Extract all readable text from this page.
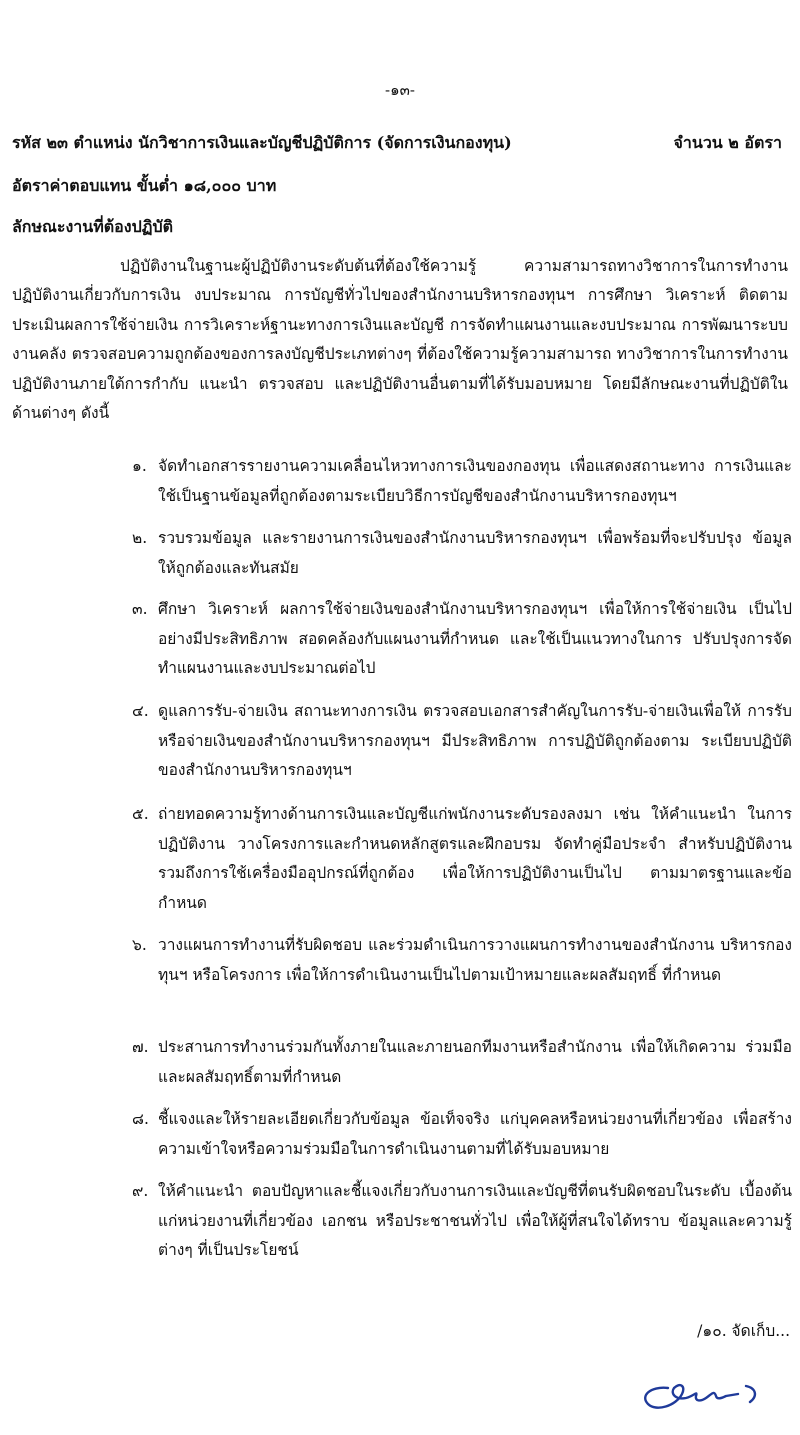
-๑๓-
รหัส ๒๓ ตำแหน่ง นักวิชาการเงินและบัญชีปฏิบัติการ (จัดการเงินกองทุน)	จำนวน ๒ อัตรา
อัตราค่าตอบแทน ขั้นต่ำ ๑๘,๐๐๐ บาท
ลักษณะงานที่ต้องปฏิบัติ
ปฏิบัติงานในฐานะผู้ปฏิบัติงานระดับต้นที่ต้องใช้ความรู้ ความสามารถทางวิชาการในการทำงาน ปฏิบัติงานเกี่ยวกับการเงิน งบประมาณ การบัญชีทั่วไปของสำนักงานบริหารกองทุนฯ การศึกษา วิเคราะห์ ติดตามประเมินผลการใช้จ่ายเงิน การวิเคราะห์ฐานะทางการเงินและบัญชี การจัดทำแผนงานและงบประมาณ การพัฒนาระบบงานคลัง ตรวจสอบความถูกต้องของการลงบัญชีประเภทต่างๆ ที่ต้องใช้ความรู้ความสามารถ ทางวิชาการในการทำงาน ปฏิบัติงานภายใต้การกำกับ แนะนำ ตรวจสอบ และปฏิบัติงานอื่นตามที่ได้รับมอบหมาย โดยมีลักษณะงานที่ปฏิบัติในด้านต่างๆ ดังนี้
๑. จัดทำเอกสารรายงานความเคลื่อนไหวทางการเงินของกองทุน เพื่อแสดงสถานะทาง การเงินและใช้เป็นฐานข้อมูลที่ถูกต้องตามระเบียบวิธีการบัญชีของสำนักงานบริหารกองทุนฯ
๒. รวบรวมข้อมูล และรายงานการเงินของสำนักงานบริหารกองทุนฯ เพื่อพร้อมที่จะปรับปรุง ข้อมูลให้ถูกต้องและทันสมัย
๓. ศึกษา วิเคราะห์ ผลการใช้จ่ายเงินของสำนักงานบริหารกองทุนฯ เพื่อให้การใช้จ่ายเงิน เป็นไปอย่างมีประสิทธิภาพ สอดคล้องกับแผนงานที่กำหนด และใช้เป็นแนวทางในการ ปรับปรุงการจัดทำแผนงานและงบประมาณต่อไป
๔. ดูแลการรับ-จ่ายเงิน สถานะทางการเงิน ตรวจสอบเอกสารสำคัญในการรับ-จ่ายเงินเพื่อให้ การรับหรือจ่ายเงินของสำนักงานบริหารกองทุนฯ มีประสิทธิภาพ การปฏิบัติถูกต้องตาม ระเบียบปฏิบัติของสำนักงานบริหารกองทุนฯ
๕. ถ่ายทอดความรู้ทางด้านการเงินและบัญชีแก่พนักงานระดับรองลงมา เช่น ให้คำแนะนำ ในการปฏิบัติงาน วางโครงการและกำหนดหลักสูตรและฝึกอบรม จัดทำคู่มือประจำ สำหรับปฏิบัติงาน รวมถึงการใช้เครื่องมืออุปกรณ์ที่ถูกต้อง เพื่อให้การปฏิบัติงานเป็นไป ตามมาตรฐานและข้อกำหนด
๖. วางแผนการทำงานที่รับผิดชอบ และร่วมดำเนินการวางแผนการทำงานของสำนักงาน บริหารกองทุนฯ หรือโครงการ เพื่อให้การดำเนินงานเป็นไปตามเป้าหมายและผลสัมฤทธิ์ ที่กำหนด
๗. ประสานการทำงานร่วมกันทั้งภายในและภายนอกทีมงานหรือสำนักงาน เพื่อให้เกิดความ ร่วมมือและผลสัมฤทธิ์ตามที่กำหนด
๘. ชี้แจงและให้รายละเอียดเกี่ยวกับข้อมูล ข้อเท็จจริง แก่บุคคลหรือหน่วยงานที่เกี่ยวข้อง เพื่อสร้างความเข้าใจหรือความร่วมมือในการดำเนินงานตามที่ได้รับมอบหมาย
๙. ให้คำแนะนำ ตอบปัญหาและชี้แจงเกี่ยวกับงานการเงินและบัญชีที่ตนรับผิดชอบในระดับ เบื้องต้นแก่หน่วยงานที่เกี่ยวข้อง เอกชน หรือประชาชนทั่วไป เพื่อให้ผู้ที่สนใจได้ทราบ ข้อมูลและความรู้ต่างๆ ที่เป็นประโยชน์
/๑๐. จัดเก็บ...
